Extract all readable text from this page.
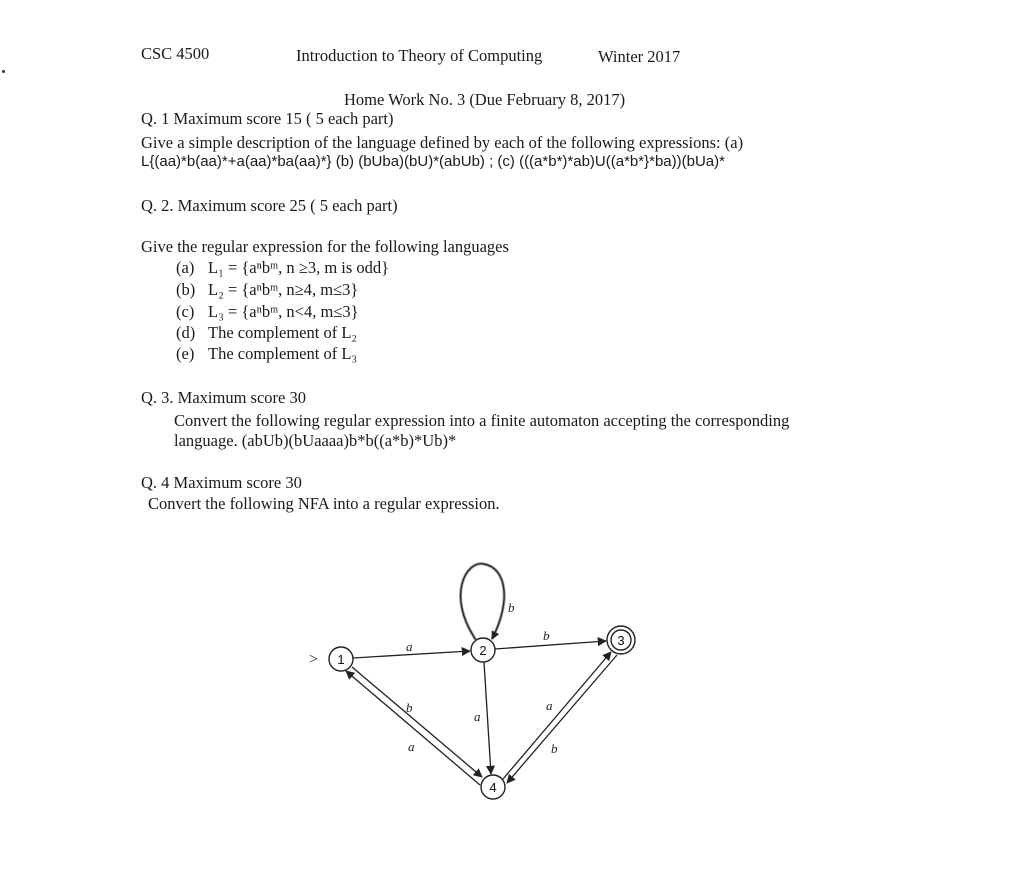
CSC 4500	Introduction to Theory of Computing	Winter 2017
Home Work No. 3 (Due February 8, 2017)
Q. 1 Maximum score 15 ( 5 each part)
Give a simple description of the language defined by each of the following expressions: (a)
L{(aa)*b(aa)*+a(aa)*ba(aa)*} (b) (bUba)(bU)*(abUb) ; (c) (((a*b*)*ab)U((a*b*}*ba))(bUa)*
Q. 2. Maximum score 25 ( 5 each part)
Give the regular expression for the following languages
(a) L₁ = {aⁿbᵐ, n ≥3, m is odd}
(b) L₂ = {aⁿbᵐ, n≥4, m≤3}
(c) L₃ = {aⁿbᵐ, n<4, m≤3}
(d) The complement of L₂
(e) The complement of L₃
Q. 3. Maximum score 30
Convert the following regular expression into a finite automaton accepting the corresponding
language. (abUb)(bUaaaa)b*b((a*b)*Ub)*
Q. 4 Maximum score 30
Convert the following NFA into a regular expression.
> 1
2
3
4
a
b
b
b
a
a
b
a
